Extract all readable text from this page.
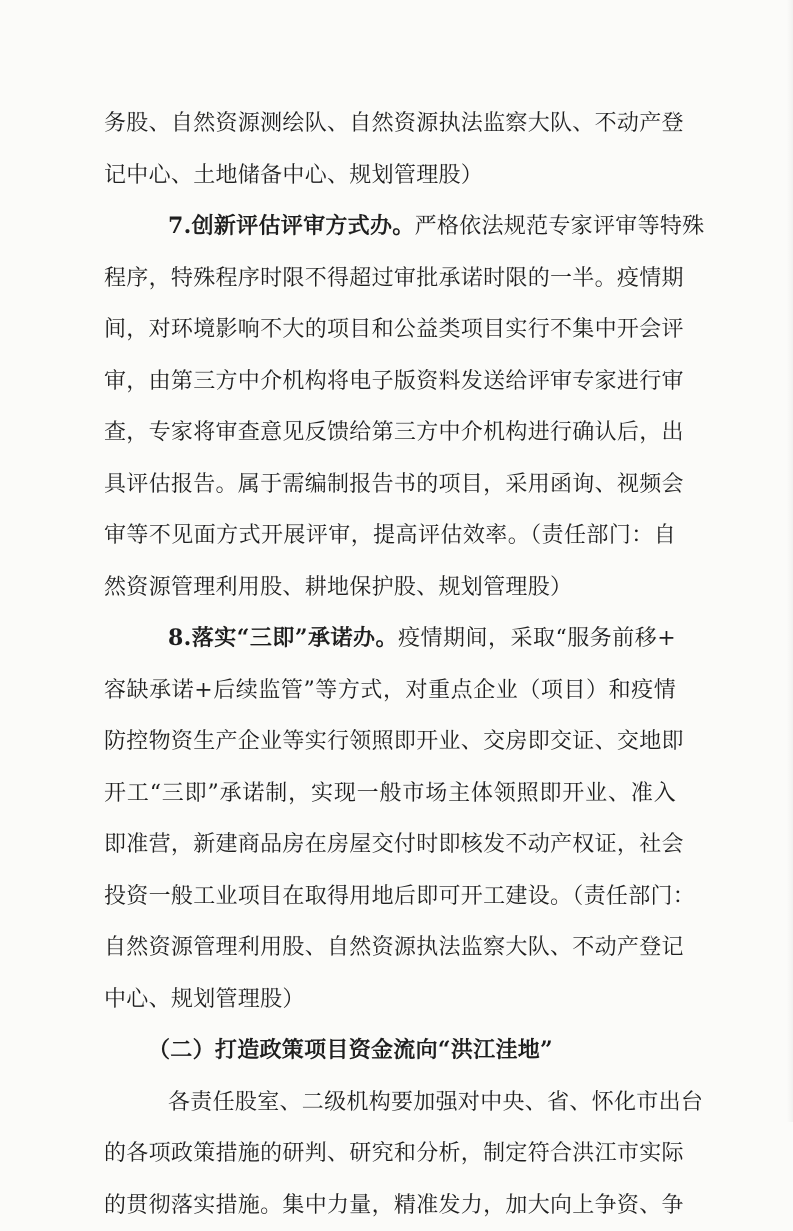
务股、自然资源测绘队、自然资源执法监察大队、不动产登
记中心、土地储备中心、规划管理股）
7.创新评估评审方式办。严格依法规范专家评审等特殊
程序，特殊程序时限不得超过审批承诺时限的一半。疫情期
间，对环境影响不大的项目和公益类项目实行不集中开会评
审，由第三方中介机构将电子版资料发送给评审专家进行审
查，专家将审查意见反馈给第三方中介机构进行确认后，出
具评估报告。属于需编制报告书的项目，采用函询、视频会
审等不见面方式开展评审，提高评估效率。（责任部门：自
然资源管理利用股、耕地保护股、规划管理股）
8.落实“三即”承诺办。疫情期间，采取“服务前移+
容缺承诺+后续监管”等方式，对重点企业（项目）和疫情
防控物资生产企业等实行领照即开业、交房即交证、交地即
开工“三即”承诺制，实现一般市场主体领照即开业、准入
即准营，新建商品房在房屋交付时即核发不动产权证，社会
投资一般工业项目在取得用地后即可开工建设。（责任部门：
自然资源管理利用股、自然资源执法监察大队、不动产登记
中心、规划管理股）
（二）打造政策项目资金流向“洪江洼地”
各责任股室、二级机构要加强对中央、省、怀化市出台
的各项政策措施的研判、研究和分析，制定符合洪江市实际
的贯彻落实措施。集中力量，精准发力，加大向上争资、争
